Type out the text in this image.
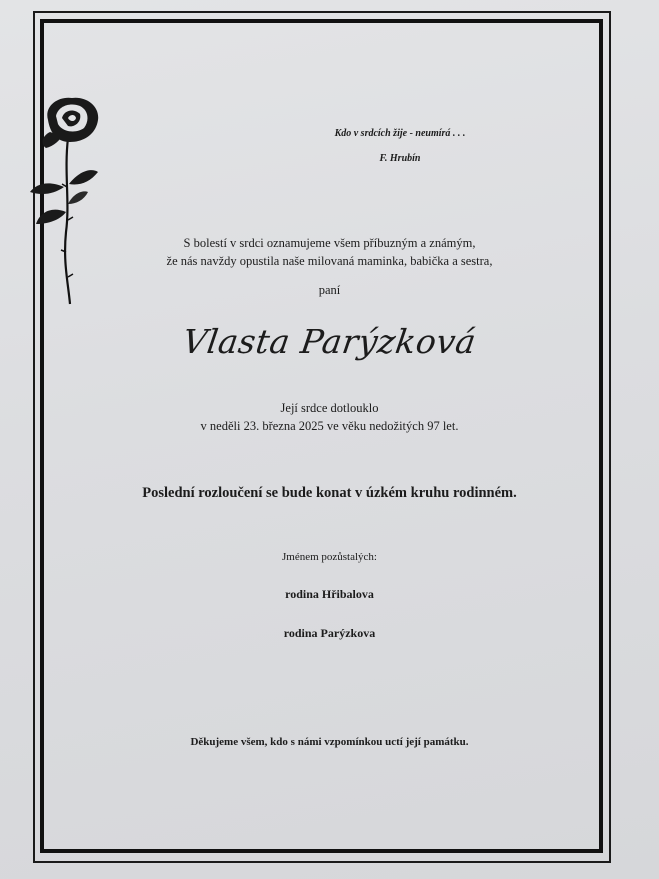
Kdo v srdcích žije - neumírá . . .
F. Hrubín
S bolestí v srdci oznamujeme všem příbuzným a známým,
že nás navždy opustila naše milovaná maminka, babička a sestra,
paní
Vlasta Parýzková
Její srdce dotlouklo
v neděli 23. března 2025 ve věku nedožitých 97 let.
Poslední rozloučení se bude konat v úzkém kruhu rodinném.
Jménem pozůstalých:
rodina Hřibalova
rodina Parýzkova
Děkujeme všem, kdo s námi vzpomínkou uctí její památku.
